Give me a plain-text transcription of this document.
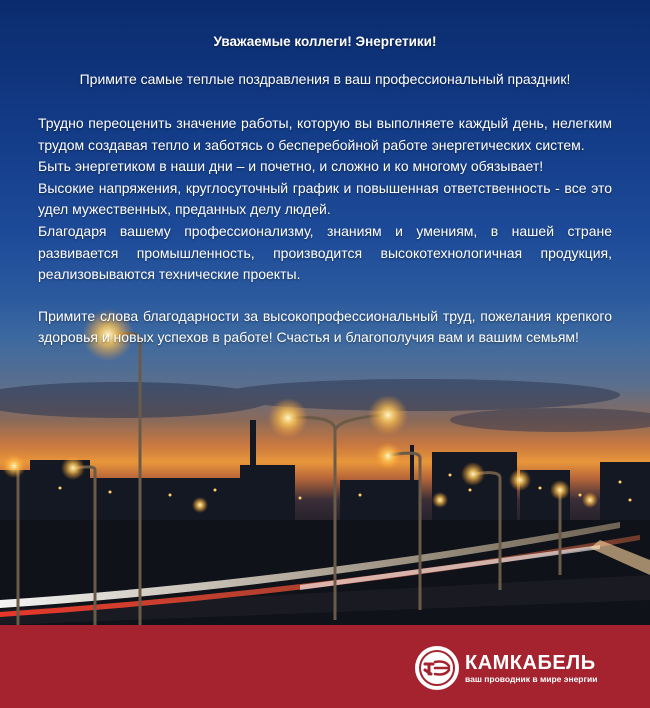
Уважаемые коллеги! Энергетики!
Примите самые теплые поздравления в ваш профессиональный праздник!

Трудно переоценить значение работы, которую вы выполняете каждый день, нелегким трудом создавая тепло и заботясь о бесперебойной работе энергетических систем.

Быть энергетиком в наши дни – и почетно, и сложно и ко многому обязывает!

Высокие напряжения, круглосуточный график и повышенная ответственность - все это удел мужественных, преданных делу людей.

Благодаря вашему профессионализму, знаниям и умениям, в нашей стране развивается промышленность, производится высокотехнологичная продукция, реализовываются технические проекты.

Примите слова благодарности за высокопрофессиональный труд, пожелания крепкого здоровья и новых успехов в работе! Счастья и благополучия вам и вашим семьям!

КАМКАБЕЛЬ
ваш проводник в мире энергии
